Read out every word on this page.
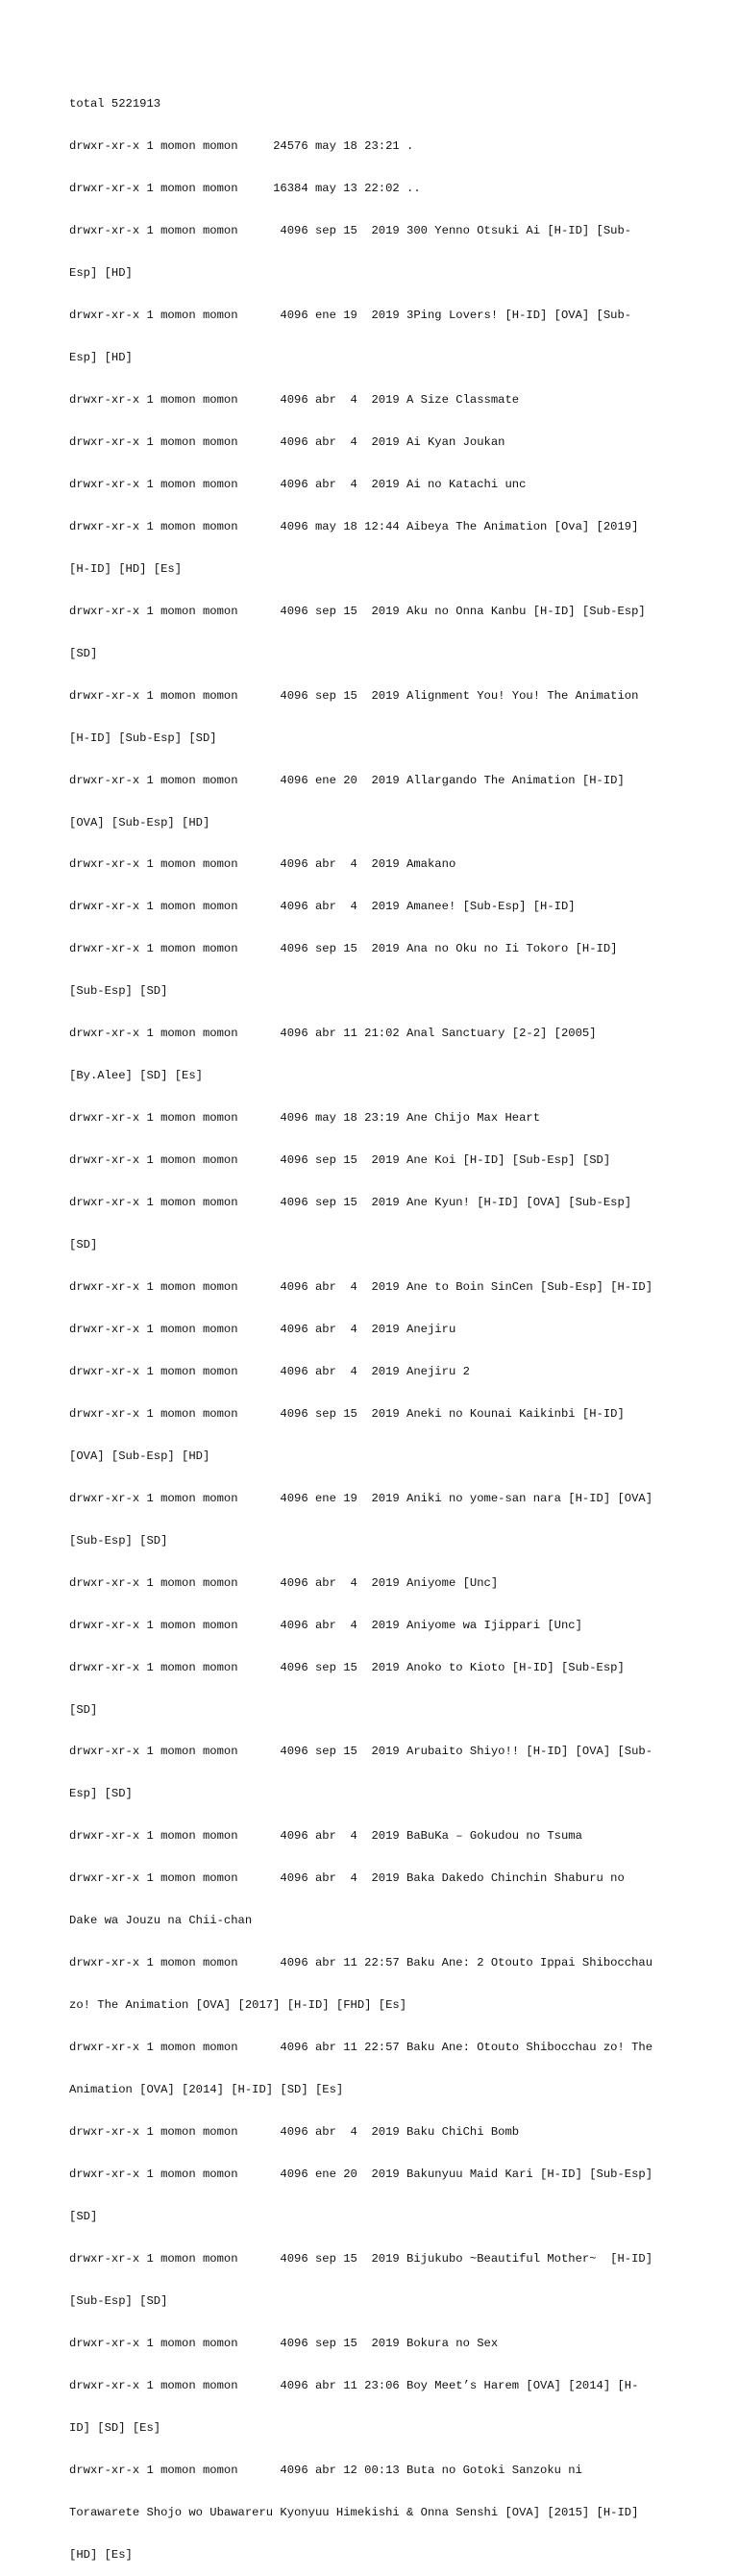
total 5221913

drwxr-xr-x 1 momon momon     24576 may 18 23:21 .

drwxr-xr-x 1 momon momon     16384 may 13 22:02 ..

drwxr-xr-x 1 momon momon      4096 sep 15  2019 300 Yenno Otsuki Ai [H-ID] [Sub-

Esp] [HD]

drwxr-xr-x 1 momon momon      4096 ene 19  2019 3Ping Lovers! [H-ID] [OVA] [Sub-

Esp] [HD]

drwxr-xr-x 1 momon momon      4096 abr  4  2019 A Size Classmate

drwxr-xr-x 1 momon momon      4096 abr  4  2019 Ai Kyan Joukan

drwxr-xr-x 1 momon momon      4096 abr  4  2019 Ai no Katachi unc

drwxr-xr-x 1 momon momon      4096 may 18 12:44 Aibeya The Animation [Ova] [2019]

[H-ID] [HD] [Es]

drwxr-xr-x 1 momon momon      4096 sep 15  2019 Aku no Onna Kanbu [H-ID] [Sub-Esp]

[SD]

drwxr-xr-x 1 momon momon      4096 sep 15  2019 Alignment You! You! The Animation

[H-ID] [Sub-Esp] [SD]

drwxr-xr-x 1 momon momon      4096 ene 20  2019 Allargando The Animation [H-ID]

[OVA] [Sub-Esp] [HD]

drwxr-xr-x 1 momon momon      4096 abr  4  2019 Amakano

drwxr-xr-x 1 momon momon      4096 abr  4  2019 Amanee! [Sub-Esp] [H-ID]

drwxr-xr-x 1 momon momon      4096 sep 15  2019 Ana no Oku no Ii Tokoro [H-ID]

[Sub-Esp] [SD]

drwxr-xr-x 1 momon momon      4096 abr 11 21:02 Anal Sanctuary [2-2] [2005]

[By.Alee] [SD] [Es]

drwxr-xr-x 1 momon momon      4096 may 18 23:19 Ane Chijo Max Heart

drwxr-xr-x 1 momon momon      4096 sep 15  2019 Ane Koi [H-ID] [Sub-Esp] [SD]

drwxr-xr-x 1 momon momon      4096 sep 15  2019 Ane Kyun! [H-ID] [OVA] [Sub-Esp]

[SD]

drwxr-xr-x 1 momon momon      4096 abr  4  2019 Ane to Boin SinCen [Sub-Esp] [H-ID]

drwxr-xr-x 1 momon momon      4096 abr  4  2019 Anejiru

drwxr-xr-x 1 momon momon      4096 abr  4  2019 Anejiru 2

drwxr-xr-x 1 momon momon      4096 sep 15  2019 Aneki no Kounai Kaikinbi [H-ID]

[OVA] [Sub-Esp] [HD]

drwxr-xr-x 1 momon momon      4096 ene 19  2019 Aniki no yome-san nara [H-ID] [OVA]

[Sub-Esp] [SD]

drwxr-xr-x 1 momon momon      4096 abr  4  2019 Aniyome [Unc]

drwxr-xr-x 1 momon momon      4096 abr  4  2019 Aniyome wa Ijippari [Unc]

drwxr-xr-x 1 momon momon      4096 sep 15  2019 Anoko to Kioto [H-ID] [Sub-Esp]

[SD]

drwxr-xr-x 1 momon momon      4096 sep 15  2019 Arubaito Shiyo!! [H-ID] [OVA] [Sub-

Esp] [SD]

drwxr-xr-x 1 momon momon      4096 abr  4  2019 BaBuKa – Gokudou no Tsuma

drwxr-xr-x 1 momon momon      4096 abr  4  2019 Baka Dakedo Chinchin Shaburu no

Dake wa Jouzu na Chii-chan

drwxr-xr-x 1 momon momon      4096 abr 11 22:57 Baku Ane: 2 Otouto Ippai Shibocchau

zo! The Animation [OVA] [2017] [H-ID] [FHD] [Es]

drwxr-xr-x 1 momon momon      4096 abr 11 22:57 Baku Ane: Otouto Shibocchau zo! The

Animation [OVA] [2014] [H-ID] [SD] [Es]

drwxr-xr-x 1 momon momon      4096 abr  4  2019 Baku ChiChi Bomb

drwxr-xr-x 1 momon momon      4096 ene 20  2019 Bakunyuu Maid Kari [H-ID] [Sub-Esp]

[SD]

drwxr-xr-x 1 momon momon      4096 sep 15  2019 Bijukubo ~Beautiful Mother~  [H-ID]

[Sub-Esp] [SD]

drwxr-xr-x 1 momon momon      4096 sep 15  2019 Bokura no Sex

drwxr-xr-x 1 momon momon      4096 abr 11 23:06 Boy Meet’s Harem [OVA] [2014] [H-

ID] [SD] [Es]

drwxr-xr-x 1 momon momon      4096 abr 12 00:13 Buta no Gotoki Sanzoku ni

Torawarete Shojo wo Ubawareru Kyonyuu Himekishi & Onna Senshi [OVA] [2015] [H-ID]

[HD] [Es]
